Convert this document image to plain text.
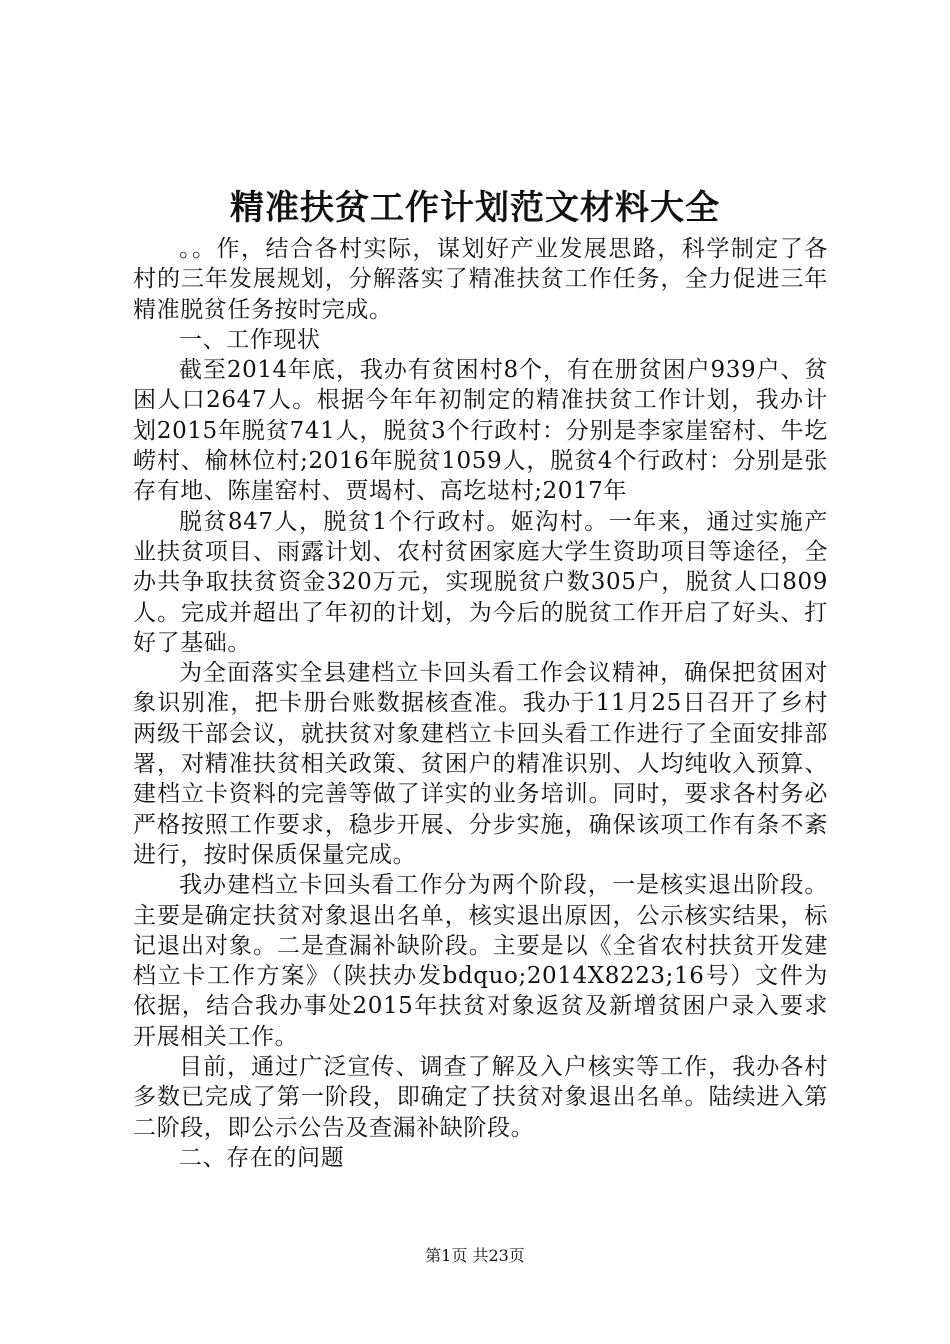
精准扶贫工作计划范文材料大全

。。作，结合各村实际，谋划好产业发展思路，科学制定了各村的三年发展规划，分解落实了精准扶贫工作任务，全力促进三年精准脱贫任务按时完成。

一、工作现状

截至2014年底，我办有贫困村8个，有在册贫困户939户、贫困人口2647人。根据今年年初制定的精准扶贫工作计划，我办计划2015年脱贫741人，脱贫3个行政村：分别是李家崖窑村、牛圪崂村、榆林位村;2016年脱贫1059人，脱贫4个行政村：分别是张存有地、陈崖窑村、贾堨村、高圪垯村;2017年

脱贫847人，脱贫1个行政村。姬沟村。一年来，通过实施产业扶贫项目、雨露计划、农村贫困家庭大学生资助项目等途径，全办共争取扶贫资金320万元，实现脱贫户数305户，脱贫人口809人。完成并超出了年初的计划，为今后的脱贫工作开启了好头、打好了基础。

为全面落实全县建档立卡回头看工作会议精神，确保把贫困对象识别准，把卡册台账数据核查准。我办于11月25日召开了乡村两级干部会议，就扶贫对象建档立卡回头看工作进行了全面安排部署，对精准扶贫相关政策、贫困户的精准识别、人均纯收入预算、建档立卡资料的完善等做了详实的业务培训。同时，要求各村务必严格按照工作要求，稳步开展、分步实施，确保该项工作有条不紊进行，按时保质保量完成。

我办建档立卡回头看工作分为两个阶段，一是核实退出阶段。主要是确定扶贫对象退出名单，核实退出原因，公示核实结果，标记退出对象。二是查漏补缺阶段。主要是以《全省农村扶贫开发建档立卡工作方案》（陕扶办发bdquo;2014X8223;16号）文件为依据，结合我办事处2015年扶贫对象返贫及新增贫困户录入要求开展相关工作。

目前，通过广泛宣传、调查了解及入户核实等工作，我办各村多数已完成了第一阶段，即确定了扶贫对象退出名单。陆续进入第二阶段，即公示公告及查漏补缺阶段。

二、存在的问题

第1页 共23页
